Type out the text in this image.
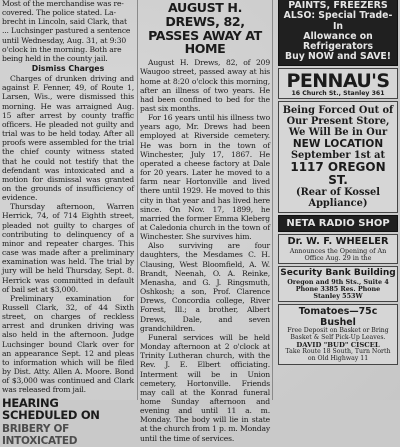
Most of the merchandise was re-

covered. The police stated. La-

brecht in Lincoln, said Clark, that

... Luchsinger pastured a sentence

until Wednesday, Aug. 31, at 9:30

o'clock in the morning. Both are

being held in the county jail.

Dismiss Charges

Charges of drunken driving and against F. Fenner, 49, of Route 1, Larsen, Wis., were dismissed this morning. He was arraigned Aug. 15 after arrest by county traffic officers. He pleaded not guilty and trial was to be held today. After all proofs were assembled for the trial the chief county witness stated that he could not testify that the defendant was intoxicated and a motion for dismissal was granted on the grounds of insufficiency of evidence.

Thursday afternoon, Warren Herrick, 74, of 714 Eighth street, pleaded not guilty to charges of contributing to delinquency of a minor and repeater charges. This case was made after a preliminary examination was held. The trial by jury will be held Thursday, Sept. 8. Herrick was committed in default of bail set at $3,000.

Preliminary examination for Russell Clark, 32, of 44 Sixth street, on charges of reckless arrest and drunken driving was also held in the afternoon. Judge Luchsinger bound Clark over for an appearance Sept. 12 and pleas to information which will be filed by Dist. Atty. Allen A. Moore. Bond of $3,000 was continued and Clark was released from jail.

HEARING SCHEDULED ON
BRIBERY OF INTOXICATED
AUGUST H. DREWS, 82,
PASSES AWAY AT HOME

August H. Drews, 82, of 209 Waugoo street, passed away at his home at 8:20 o'clock this morning, after an illness of two years. He had been confined to bed for the past six months.

For 16 years until his illness two years ago, Mr. Drews had been employed at Riverside cemetery. He was born in the town of Winchester, July 17, 1867. He operated a cheese factory at Dale for 20 years. Later he moved to a farm near Hortonville and lived there until 1929. He moved to this city in that year and has lived here since. On Nov. 17, 1899, he married the former Emma Kleberg at Caledonia church in the town of Winchester. She survives him.

Also surviving are four daughters, the Mesdames C. H. Clausing, West Bloomfield, A. W. Brandt, Neenah, O. A. Reinke, Menasha, and G. J. Ringsmuth, Oshkosh; a son, Prof. Clarence Drews, Concordia college, River Forest, Ill.; a brother, Albert Drews, Dale, and seven grandchildren.

Funeral services will be held Monday afternoon at 2 o'clock at Trinity Lutheran church, with the Rev. J. E. Elbert officiating. Interment will be in Union cemetery, Hortonville. Friends may call at the Konrad funeral home Sunday afternoon and evening and until 11 a. m. Monday. The body will lie in state at the church from 1 p. m. Monday until the time of services.

PAINTS, FREEZERS

ALSO: Special Trade-In

Allowance on

Refrigerators

Buy NOW and SAVE!

PENNAU'S

16 Church St., Stanley 361

Being Forced Out of

Our Present Store,

We Will Be in Our

NEW LOCATION

September 1st at

1117 OREGON ST.

(Rear of Kossel

Appliance)

NETA RADIO SHOP

Dr. W. F. WHEELER

Announces the Opening of An

Office Aug. 29 in the

Security Bank Building

Oregon and 9th Sts., Suite 4

Phone 3385 Res. Phone

Stanley 553W

Tomatoes—75c Bushel

Free Deposit on Basket or Bring

Basket & Self Pick-Up Leaves.

DAVID "BUD" CISCEL

Take Route 18 South, Turn North

on Old Highway 11
